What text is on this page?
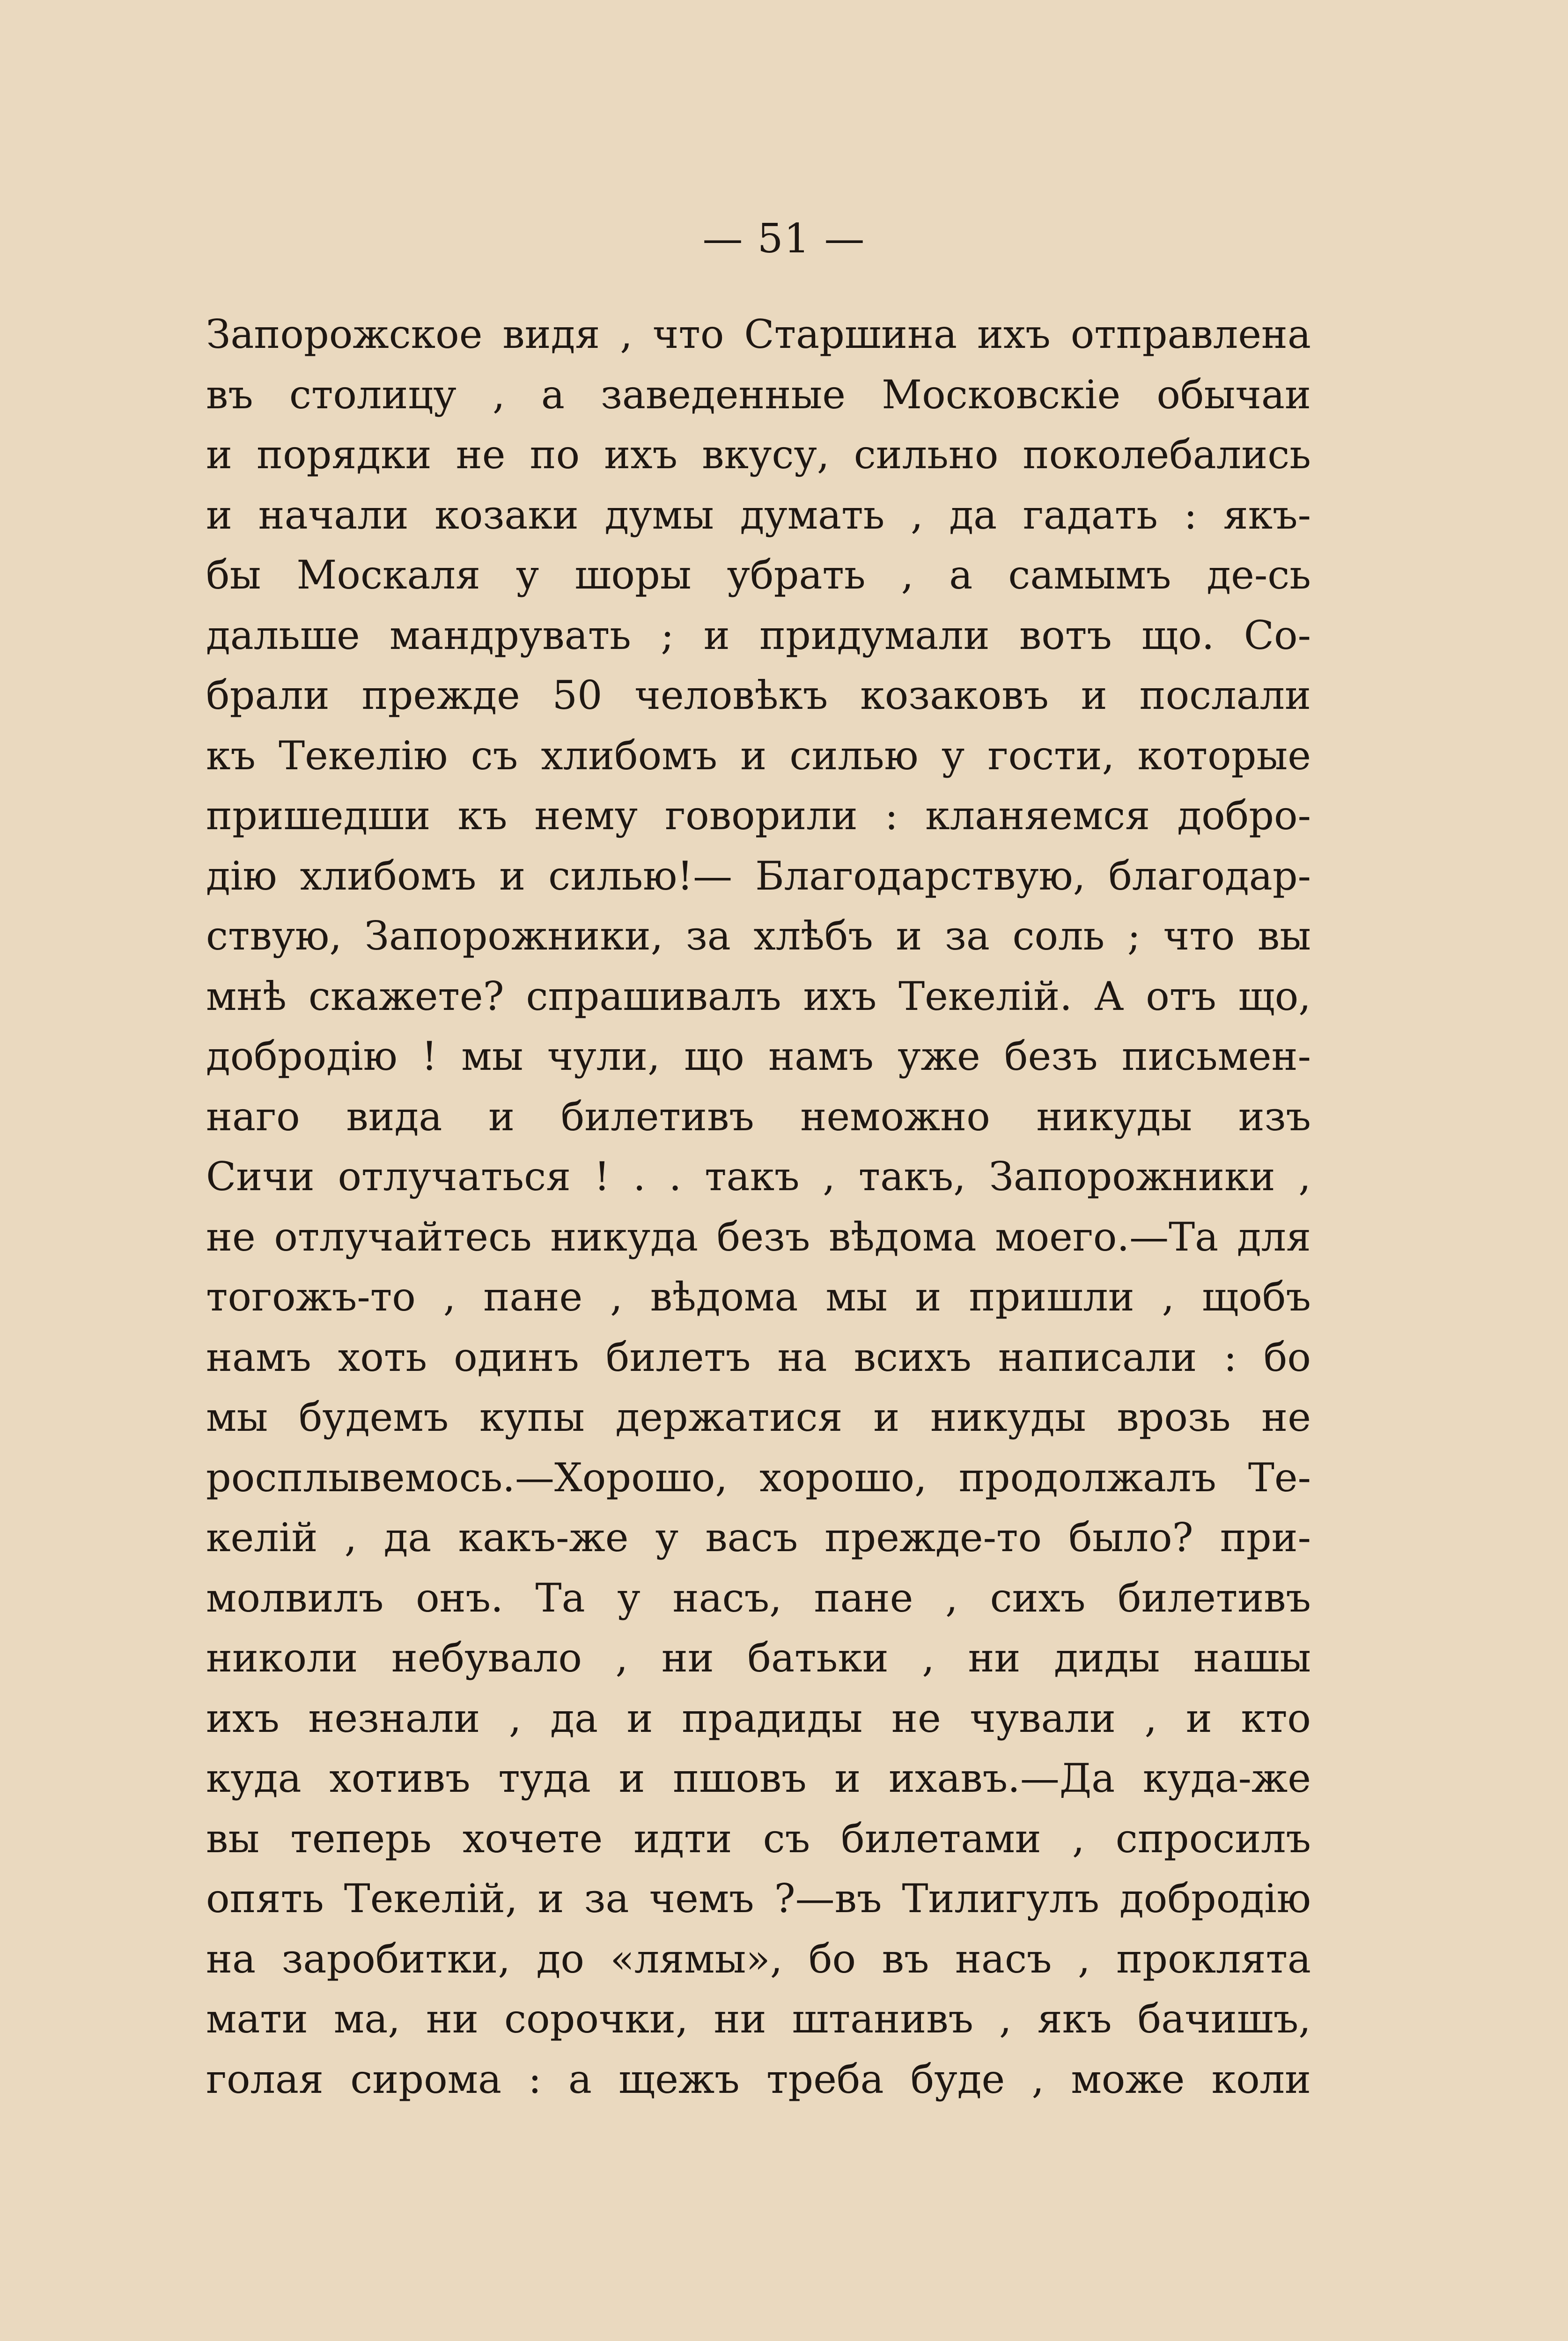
— 51 —
Запорожское видя , что Старшина ихъ отправлена
въ столицу , а заведенные Московскіе обычаи
и порядки не по ихъ вкусу, сильно поколебались
и начали козаки думы думать , да гадать : якъ-
бы Москаля у шоры убрать , а самымъ де-сь
дальше мандрувать ; и придумали вотъ що. Со-
брали прежде 50 человѣкъ козаковъ и послали
къ Текелію съ хлибомъ и силью у гости, которые
пришедши къ нему говорили : кланяемся добро-
дію хлибомъ и силью!— Благодарствую, благодар-
ствую, Запорожники, за хлѣбъ и за соль ; что вы
мнѣ скажете? спрашивалъ ихъ Текелій. А отъ що,
добродію ! мы чули, що намъ уже безъ письмен-
наго вида и билетивъ неможно никуды изъ
Сичи отлучаться ! . . такъ , такъ, Запорожники ,
не отлучайтесь никуда безъ вѣдома моего.—Та для
тогожъ-то , пане , вѣдома мы и пришли , щобъ
намъ хоть одинъ билетъ на всихъ написали : бо
мы будемъ купы держатися и никуды врозь не
росплывемось.—Хорошо, хорошо, продолжалъ Те-
келій , да какъ-же у васъ прежде-то было? при-
молвилъ онъ. Та у насъ, пане , сихъ билетивъ
николи небувало , ни батьки , ни диды нашы
ихъ незнали , да и прадиды не чували , и кто
куда хотивъ туда и пшовъ и ихавъ.—Да куда-же
вы теперь хочете идти съ билетами , спросилъ
опять Текелій, и за чемъ ?—въ Тилигулъ добродію
на заробитки, до «лямы», бо въ насъ , проклята
мати ма, ни сорочки, ни штанивъ , якъ бачишъ,
голая сирома : а щежъ треба буде , може коли
